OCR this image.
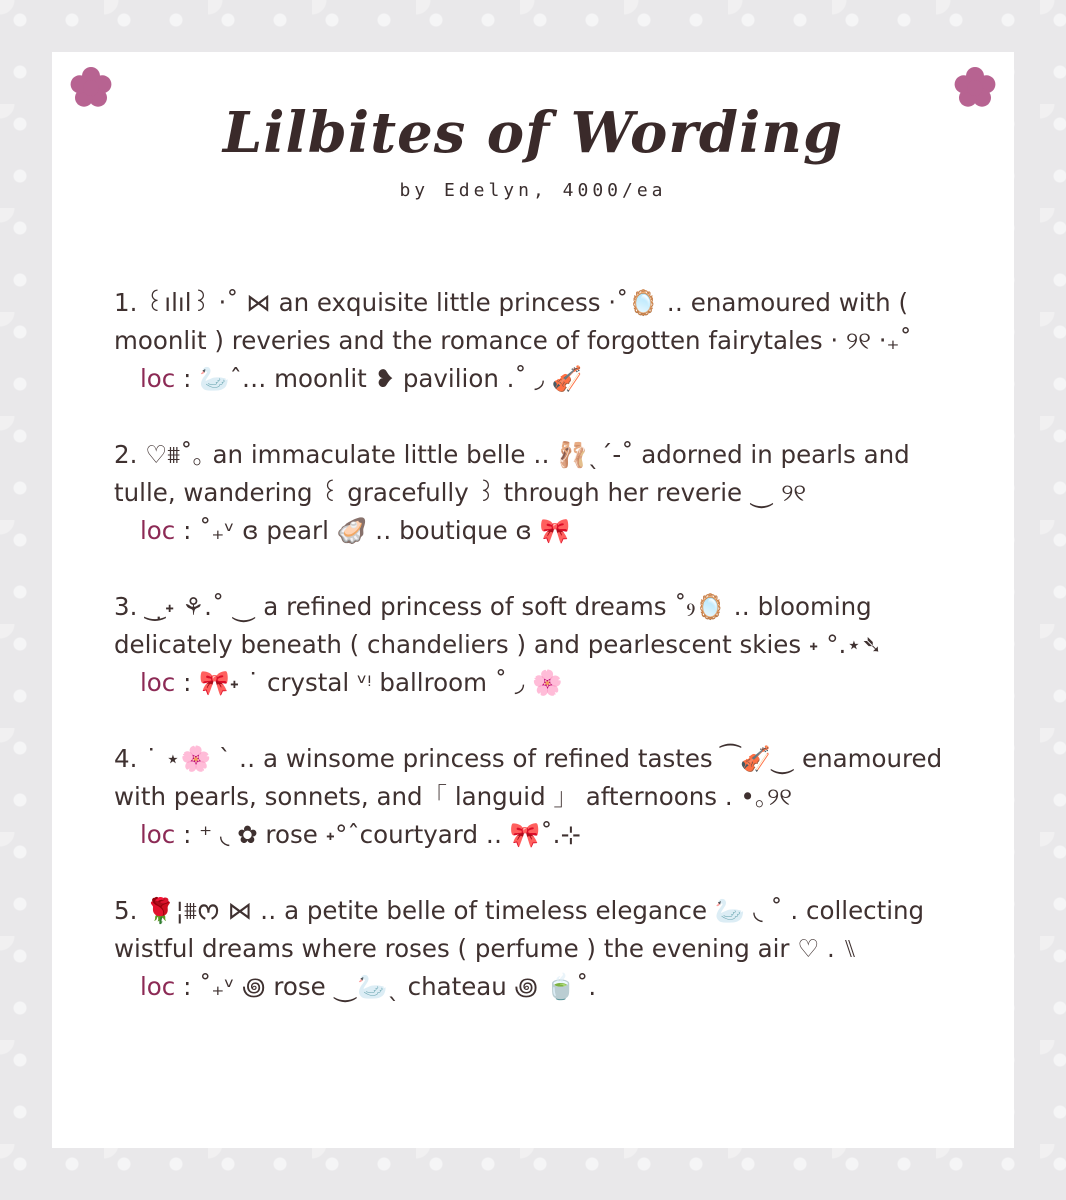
Lilbites of Wording
by Edelyn, 4000/ea

1. ꒰ılıl꒱ ‧˚ ⋈ an exquisite little princess ‧˚🪞 ‥ enamoured with ( moonlit ) reveries and the romance of forgotten fairytales ‧ ୨୧ ‧₊˚

loc : 🦢ˆ… moonlit ❥ pavilion .˚ ◞ 🎻

2. ♡⩩˚｡ an immaculate little belle ‥ 🩰ˎˊ-˚ adorned in pearls and tulle, wandering ꒰ gracefully ꒱ through her reverie ⏝ ୨୧

loc : ˚₊ᵛ ɞ pearl 🦪 ‥ boutique ɞ 🎀

3. ‿̣˖ ⚘.˚ ⏝ a refined princess of soft dreams ˚ⳋ🪞 ‥ blooming delicately beneath ( chandeliers ) and pearlescent skies ˖ °.⋆➴

loc : 🎀˖ ˙ crystal ᵛᵎ ballroom ˚ ◞ 🌸

4. ˙ ⋆🌸 ` ‥ a winsome princess of refined tastes ⁀🎻⏝ enamoured with pearls, sonnets, and「 languid 」 afternoons . •｡୨୧

loc : ⁺ ◟ ✿ rose ˖°ˆcourtyard ‥ 🎀˚.⊹

5. 🌹¦⩩ᰔ ⋈ ‥ a petite belle of timeless elegance 🦢 ◟ ˚ . collecting wistful dreams where roses ( perfume ) the evening air ♡ . ⑊

loc : ˚₊ᵛ ꩜ rose ⏝🦢ˎ chateau ꩜ 🍵˚.
